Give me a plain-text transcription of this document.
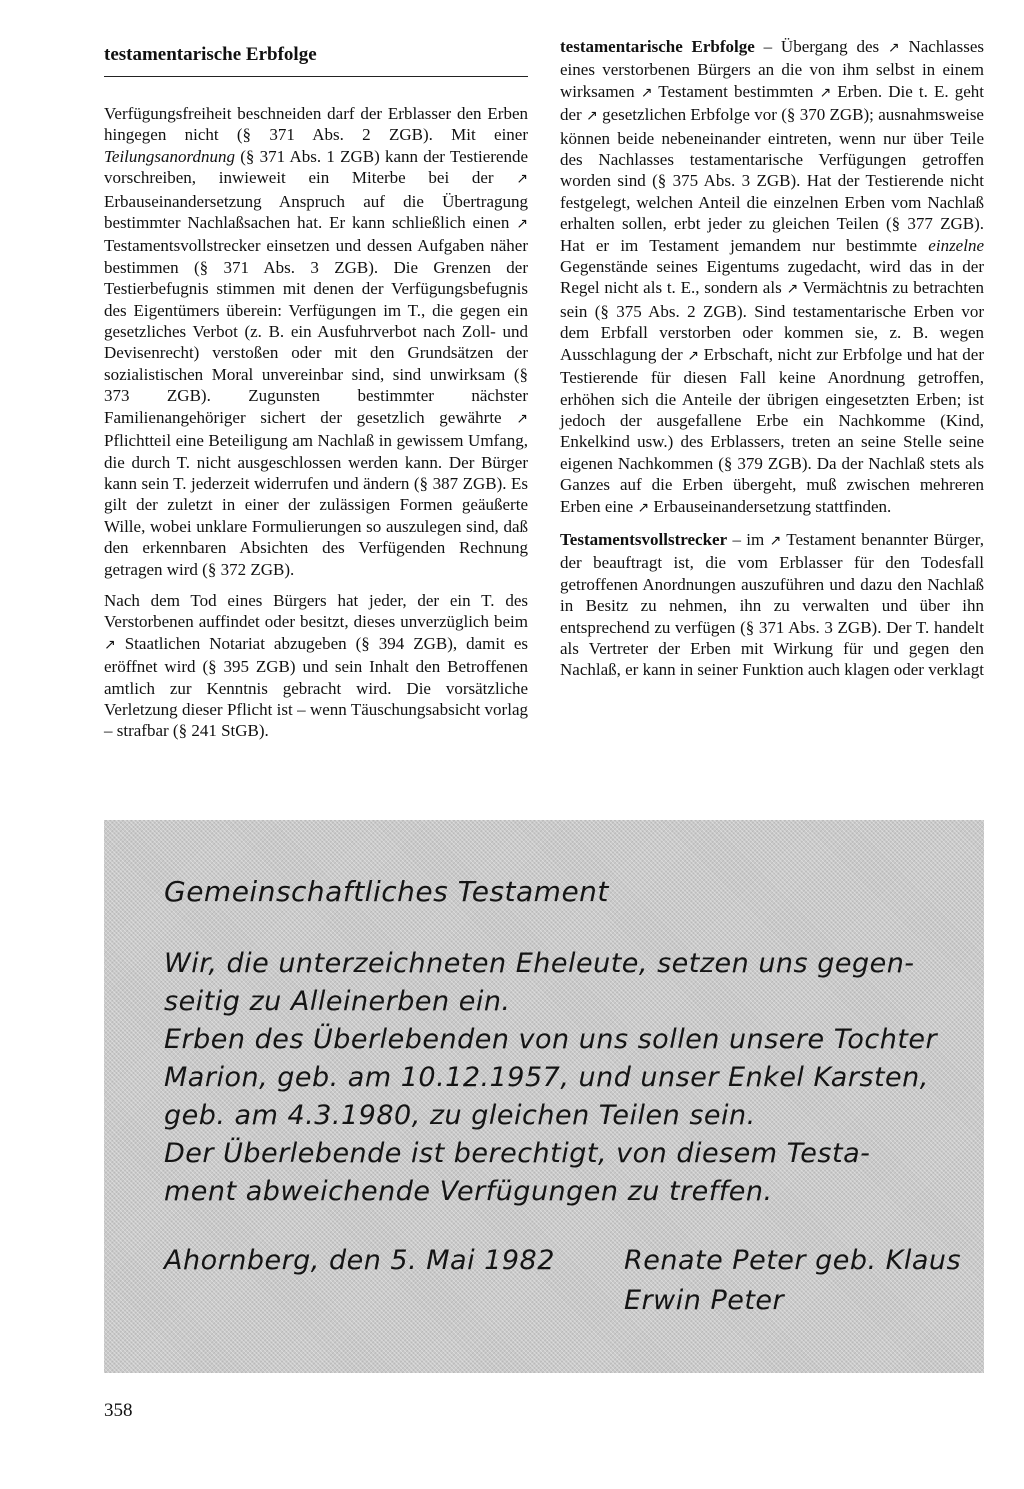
testamentarische Erbfolge

Verfügungsfreiheit beschneiden darf der Erblasser den Erben hingegen nicht (§ 371 Abs. 2 ZGB). Mit einer Teilungsanordnung (§ 371 Abs. 1 ZGB) kann der Testierende vorschreiben, inwieweit ein Miterbe bei der ↗ Erbauseinandersetzung Anspruch auf die Übertragung bestimmter Nachlaßsachen hat. Er kann schließlich einen ↗ Testamentsvollstrecker einsetzen und dessen Aufgaben näher bestimmen (§ 371 Abs. 3 ZGB). Die Grenzen der Testierbefugnis stimmen mit denen der Verfügungsbefugnis des Eigentümers überein: Verfügungen im T., die gegen ein gesetzliches Verbot (z. B. ein Ausfuhrverbot nach Zoll- und Devisenrecht) verstoßen oder mit den Grundsätzen der sozialistischen Moral unvereinbar sind, sind unwirksam (§ 373 ZGB). Zugunsten bestimmter nächster Familienangehöriger sichert der gesetzlich gewährte ↗ Pflichtteil eine Beteiligung am Nachlaß in gewissem Umfang, die durch T. nicht ausgeschlossen werden kann. Der Bürger kann sein T. jederzeit widerrufen und ändern (§ 387 ZGB). Es gilt der zuletzt in einer der zulässigen Formen geäußerte Wille, wobei unklare Formulierungen so auszulegen sind, daß den erkennbaren Absichten des Verfügenden Rechnung getragen wird (§ 372 ZGB).

Nach dem Tod eines Bürgers hat jeder, der ein T. des Verstorbenen auffindet oder besitzt, dieses unverzüglich beim ↗ Staatlichen Notariat abzugeben (§ 394 ZGB), damit es eröffnet wird (§ 395 ZGB) und sein Inhalt den Betroffenen amtlich zur Kenntnis gebracht wird. Die vorsätzliche Verletzung dieser Pflicht ist – wenn Täuschungsabsicht vorlag – strafbar (§ 241 StGB).

testamentarische Erbfolge – Übergang des ↗ Nachlasses eines verstorbenen Bürgers an die von ihm selbst in einem wirksamen ↗ Testament bestimmten ↗ Erben. Die t. E. geht der ↗ gesetzlichen Erbfolge vor (§ 370 ZGB); ausnahmsweise können beide nebeneinander eintreten, wenn nur über Teile des Nachlasses testamentarische Verfügungen getroffen worden sind (§ 375 Abs. 3 ZGB). Hat der Testierende nicht festgelegt, welchen Anteil die einzelnen Erben vom Nachlaß erhalten sollen, erbt jeder zu gleichen Teilen (§ 377 ZGB). Hat er im Testament jemandem nur bestimmte einzelne Gegenstände seines Eigentums zugedacht, wird das in der Regel nicht als t. E., sondern als ↗ Vermächtnis zu betrachten sein (§ 375 Abs. 2 ZGB). Sind testamentarische Erben vor dem Erbfall verstorben oder kommen sie, z. B. wegen Ausschlagung der ↗ Erbschaft, nicht zur Erbfolge und hat der Testierende für diesen Fall keine Anordnung getroffen, erhöhen sich die Anteile der übrigen eingesetzten Erben; ist jedoch der ausgefallene Erbe ein Nachkomme (Kind, Enkelkind usw.) des Erblassers, treten an seine Stelle seine eigenen Nachkommen (§ 379 ZGB). Da der Nachlaß stets als Ganzes auf die Erben übergeht, muß zwischen mehreren Erben eine ↗ Erbauseinandersetzung stattfinden.

Testamentsvollstrecker – im ↗ Testament benannter Bürger, der beauftragt ist, die vom Erblasser für den Todesfall getroffenen Anordnungen auszuführen und dazu den Nachlaß in Besitz zu nehmen, ihn zu verwalten und über ihn entsprechend zu verfügen (§ 371 Abs. 3 ZGB). Der T. handelt als Vertreter der Erben mit Wirkung für und gegen den Nachlaß, er kann in seiner Funktion auch klagen oder verklagt

Gemeinschaftliches Testament
Wir, die unterzeichneten Eheleute, setzen uns gegen-
seitig zu Alleinerben ein.
Erben des Überlebenden von uns sollen unsere Tochter
Marion, geb. am 10.12.1957, und unser Enkel Karsten,
geb. am 4.3.1980, zu gleichen Teilen sein.
Der Überlebende ist berechtigt, von diesem Testa-
ment abweichende Verfügungen zu treffen.
Ahornberg, den 5. Mai 1982	Renate Peter geb. Klaus
Erwin Peter
358
